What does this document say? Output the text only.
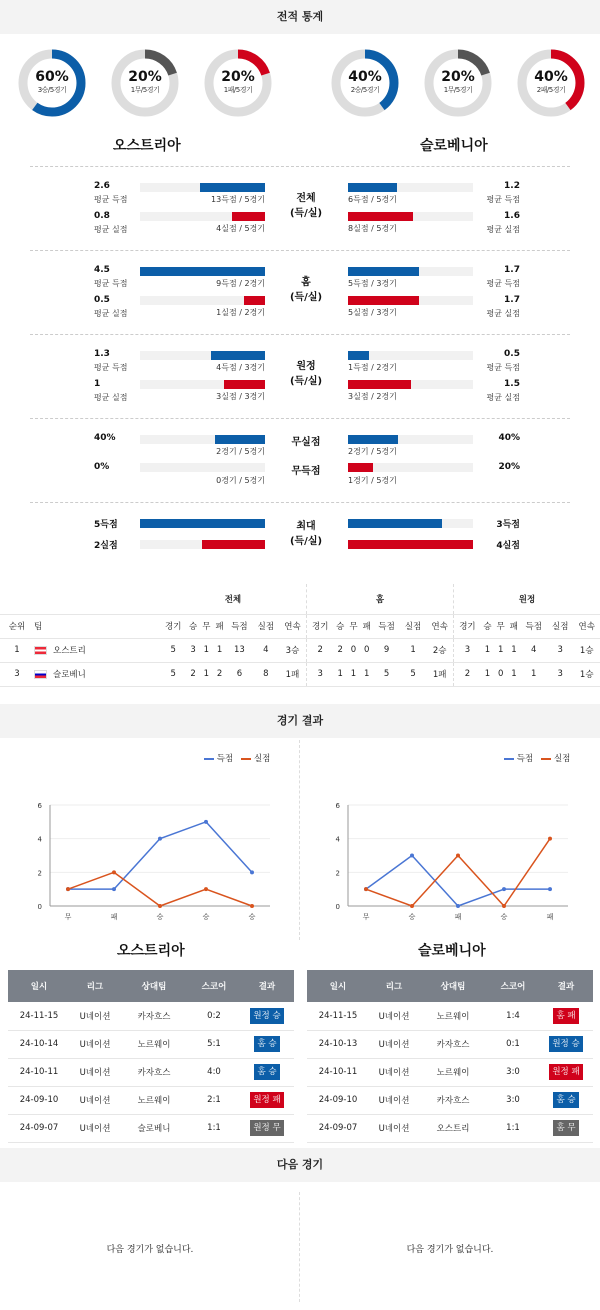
전적 통계
60%
3승/5경기
20%
1무/5경기
20%
1패/5경기
40%
2승/5경기
20%
1무/5경기
40%
2패/5경기
오스트리아	슬로베니아
2.6
평균 득점
0.8
평균 실점
13득점 / 5경기
4실점 / 5경기
전체
(득/실)
6득점 / 5경기
8실점 / 5경기
1.2
평균 득점
1.6
평균 실점
4.5
평균 득점
0.5
평균 실점
9득점 / 2경기
1실점 / 2경기
홈
(득/실)
5득점 / 3경기
5실점 / 3경기
1.7
평균 득점
1.7
평균 실점
1.3
평균 득점
1
평균 실점
4득점 / 3경기
3실점 / 3경기
원정
(득/실)
1득점 / 2경기
3실점 / 2경기
0.5
평균 득점
1.5
평균 실점
40%
0%
2경기 / 5경기
0경기 / 5경기
무실점
무득점
2경기 / 5경기
1경기 / 5경기
40%
20%
5득점
2실점
최대
(득/실)
3득점
4실점
		전체							홈							원정						
순위	팀	경기	승	무	패	득점	실점	연속	경기	승	무	패	득점	실점	연속	경기	승	무	패	득점	실점	연속
1	오스트리	5	3	1	1	13	4	3승	2	2	0	0	9	1	2승	3	1	1	1	4	3	1승
3	슬로베니	5	2	1	2	6	8	1패	3	1	1	1	5	5	1패	2	1	0	1	1	3	1승
경기 결과
득점 실점	득점 실점
0
2
4
6
무	패	승	승	승
0
2
4
6
무	승	패	승	패
오스트리아	슬로베니아
일시	리그	상대팀	스코어	결과
24-11-15	U네이션	카자흐스	0:2	원정 승
24-10-14	U네이션	노르웨이	5:1	홈 승
24-10-11	U네이션	카자흐스	4:0	홈 승
24-09-10	U네이션	노르웨이	2:1	원정 패
24-09-07	U네이션	슬로베니	1:1	원정 무
일시	리그	상대팀	스코어	결과
24-11-15	U네이션	노르웨이	1:4	홈 패
24-10-13	U네이션	카자흐스	0:1	원정 승
24-10-11	U네이션	노르웨이	3:0	원정 패
24-09-10	U네이션	카자흐스	3:0	홈 승
24-09-07	U네이션	오스트리	1:1	홈 무
다음 경기
다음 경기가 없습니다.	다음 경기가 없습니다.
